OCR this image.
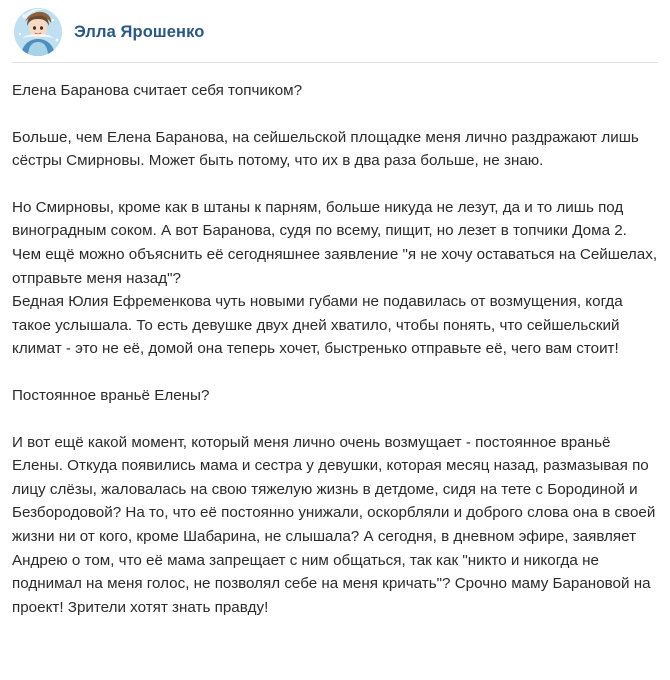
Элла Ярошенко

Елена Баранова считает себя топчиком?

Больше, чем Елена Баранова, на сейшельской площадке меня лично раздражают лишь сёстры Смирновы. Может быть потому, что их в два раза больше, не знаю.

Но Смирновы, кроме как в штаны к парням, больше никуда не лезут, да и то лишь под виноградным соком. А вот Баранова, судя по всему, пищит, но лезет в топчики Дома 2. Чем ещё можно объяснить её сегодняшнее заявление "я не хочу оставаться на Сейшелах, отправьте меня назад"?

Бедная Юлия Ефременкова чуть новыми губами не подавилась от возмущения, когда такое услышала. То есть девушке двух дней хватило, чтобы понять, что сейшельский климат - это не её, домой она теперь хочет, быстренько отправьте её, чего вам стоит!

Постоянное враньё Елены?

И вот ещё какой момент, который меня лично очень возмущает - постоянное враньё Елены. Откуда появились мама и сестра у девушки, которая месяц назад, размазывая по лицу слёзы, жаловалась на свою тяжелую жизнь в детдоме, сидя на тете с Бородиной и Безбородовой? На то, что её постоянно унижали, оскорбляли и доброго слова она в своей жизни ни от кого, кроме Шабарина, не слышала? А сегодня, в дневном эфире, заявляет Андрею о том, что её мама запрещает с ним общаться, так как "никто и никогда не поднимал на меня голос, не позволял себе на меня кричать"? Срочно маму Барановой на проект! Зрители хотят знать правду!
